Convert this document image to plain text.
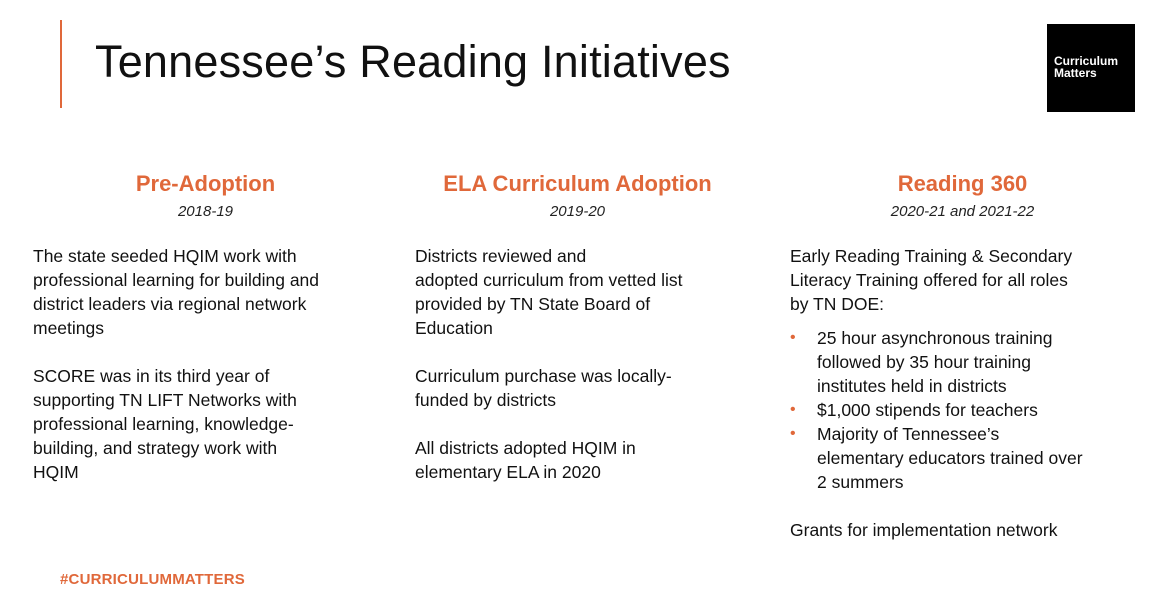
Tennessee’s Reading Initiatives	Curriculum
Matters
Pre-Adoption
2018-19

The state seeded HQIM work with
professional learning for building and
district leaders via regional network
meetings

SCORE was in its third year of
supporting TN LIFT Networks with
professional learning, knowledge-
building, and strategy work with
HQIM

ELA Curriculum Adoption
2019-20

Districts reviewed and
adopted curriculum from vetted list
provided by TN State Board of
Education

Curriculum purchase was locally-
funded by districts

All districts adopted HQIM in
elementary ELA in 2020

Reading 360
2020-21 and 2021-22

Early Reading Training & Secondary
Literacy Training offered for all roles
by TN DOE:

• 25 hour asynchronous training
followed by 35 hour training
institutes held in districts
• $1,000 stipends for teachers
• Majority of Tennessee’s
elementary educators trained over
2 summers

Grants for implementation network

#CURRICULUMMATTERS
